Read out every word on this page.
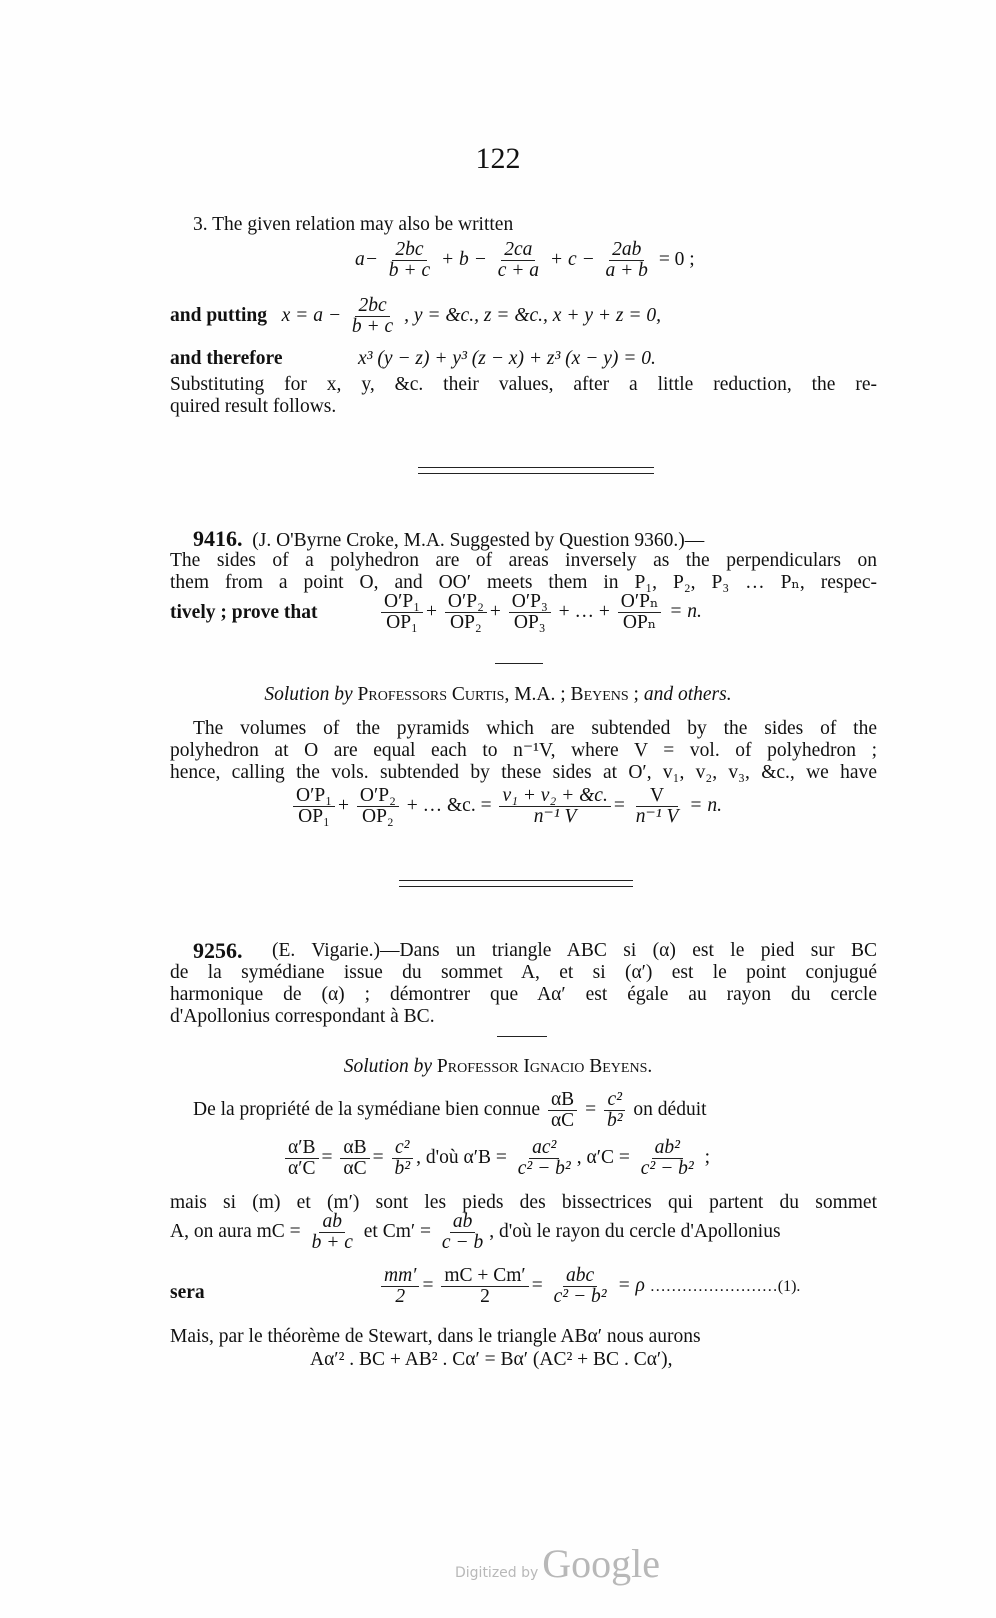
122
3. The given relation may also be written
$a- \frac{2bc}{b + c} + b - \frac{2ca}{c + a} + c - \frac{2ab}{a + b} = 0$ ;
and putting $x = a - \frac{2bc}{b + c}$ , y = &c., z = &c., x + y + z = 0,
and therefore	x³ (y − z) + y³ (z − x) + z³ (x − y) = 0.
Substituting for x, y, &c. their values, after a little reduction, the re-
quired result follows.
9416. (J. O'Byrne Croke, M.A. Suggested by Question 9360.)—
The sides of a polyhedron are of areas inversely as the perpendiculars on
them from a point O, and OO′ meets them in P₁, P₂, P₃ … Pₙ, respec-
tively ; prove that	$\frac{\text{O′P₁}}{\text{OP₁}} + \frac{\text{O′P₂}}{\text{OP₂}} + \frac{\text{O′P₃}}{\text{OP₃}}$ + … + $\frac{\text{O′Pₙ}}{\text{OPₙ}} = n$.
Solution by Professors Curtis, M.A. ; Beyens ; and others.
The volumes of the pyramids which are subtended by the sides of the
polyhedron at O are equal each to n⁻¹V, where V = vol. of polyhedron ;
hence, calling the vols. subtended by these sides at O′, v₁, v₂, v₃, &c., we have
$\frac{\text{O′P₁}}{\text{OP₁}} + \frac{\text{O′P₂}}{\text{OP₂}}$ + … &c. = $\frac{\text{v₁ + v₂ + \&c.}}{\text{n⁻¹ V}} = \frac{V}{\text{n⁻¹ V}} = n$.
9256. (E. Vigarie.)—Dans un triangle ABC si (α) est le pied sur BC
de la symédiane issue du sommet A, et si (α′) est le point conjugué
harmonique de (α) ; démontrer que Aα′ est égale au rayon du cercle
d'Apollonius correspondant à BC.
Solution by Professor Ignacio Beyens.
De la propriété de la symédiane bien connue $\frac{\alpha B}{\alpha C} = \frac{\text{c²}}{\text{b²}}$ on déduit
$\frac{\alpha'B}{\alpha'C} = \frac{\alpha B}{\alpha C} = \frac{\text{c²}}{\text{b²}}$ , d'où $\alpha'B = \frac{\text{ac²}}{\text{c² − b²}}$ , $\alpha'C = \frac{\text{ab²}}{\text{c² − b²}}$ ;
mais si (m) et (m′) sont les pieds des bissectrices qui partent du sommet
A, on aura mC = $\frac{ab}{b + c}$ et $Cm' = \frac{ab}{c - b}$ , d'où le rayon du cercle d'Apollonius
sera	$\frac{mm'}{2} = \frac{mC + Cm'}{2} = \frac{\text{abc}}{\text{c² − b²}} = \rho$ ……………………(1).
Mais, par le théorème de Stewart, dans le triangle ABα′ nous aurons
Aα′² . BC + AB² . Cα′ = Bα′ (AC² + BC . Cα′),
Digitized by Google
